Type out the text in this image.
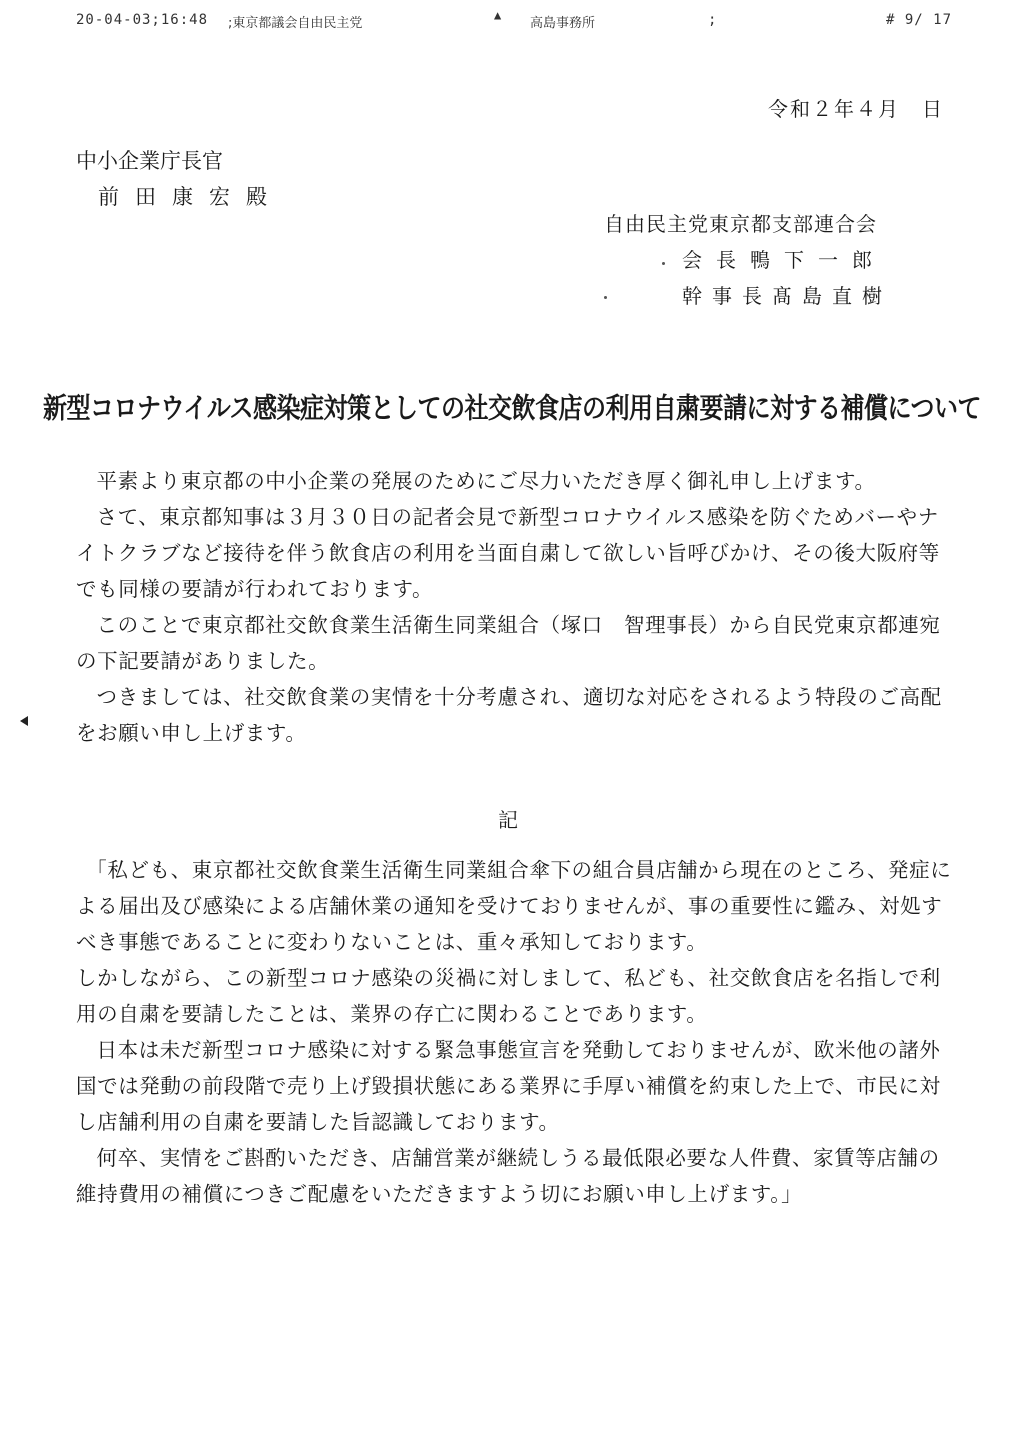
20-04-03;16:48 ;東京都議会自由民主党
▲
高島事務所	;	# 9/ 17
令和２年４月　日
中小企業庁長官
前田康宏殿
自由民主党東京都支部連合会
会長鴨下一郎
幹事長髙島直樹
新型コロナウイルス感染症対策としての社交飲食店の利用自粛要請に対する補償について

平素より東京都の中小企業の発展のためにご尽力いただき厚く御礼申し上げます。

さて、東京都知事は３月３０日の記者会見で新型コロナウイルス感染を防ぐためバーやナイトクラブなど接待を伴う飲食店の利用を当面自粛して欲しい旨呼びかけ、その後大阪府等でも同様の要請が行われております。

このことで東京都社交飲食業生活衛生同業組合（塚口　智理事長）から自民党東京都連宛の下記要請がありました。

つきましては、社交飲食業の実情を十分考慮され、適切な対応をされるよう特段のご高配をお願い申し上げます。

記

「私ども、東京都社交飲食業生活衛生同業組合傘下の組合員店舗から現在のところ、発症による届出及び感染による店舗休業の通知を受けておりませんが、事の重要性に鑑み、対処すべき事態であることに変わりないことは、重々承知しております。

しかしながら、この新型コロナ感染の災禍に対しまして、私ども、社交飲食店を名指しで利用の自粛を要請したことは、業界の存亡に関わることであります。

日本は未だ新型コロナ感染に対する緊急事態宣言を発動しておりませんが、欧米他の諸外国では発動の前段階で売り上げ毀損状態にある業界に手厚い補償を約束した上で、市民に対し店舗利用の自粛を要請した旨認識しております。

何卒、実情をご斟酌いただき、店舗営業が継続しうる最低限必要な人件費、家賃等店舗の維持費用の補償につきご配慮をいただきますよう切にお願い申し上げます。」
